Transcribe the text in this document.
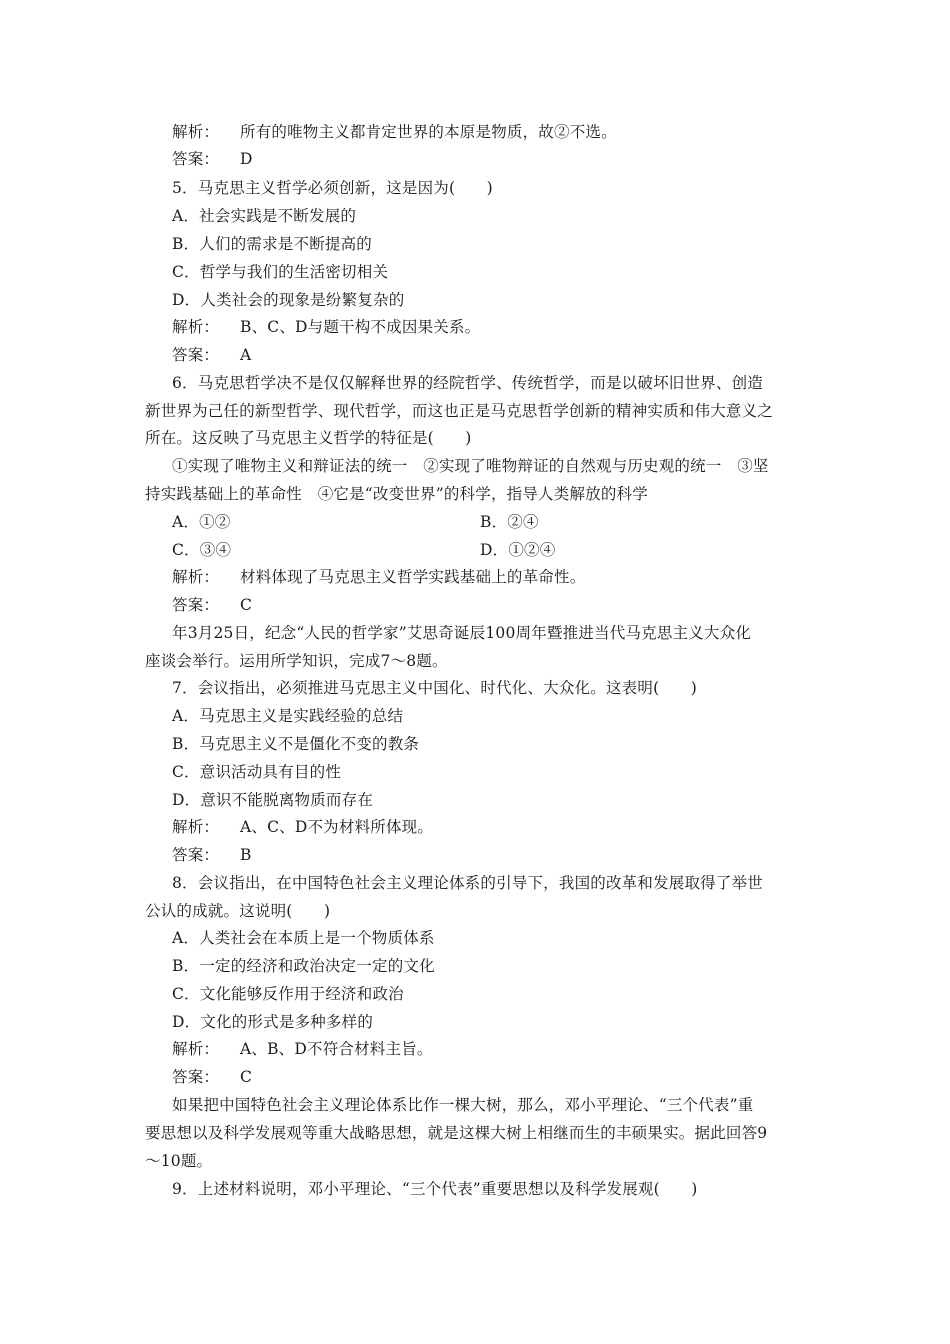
解析： 所有的唯物主义都肯定世界的本原是物质，故②不选。
答案： D
5．马克思主义哲学必须创新，这是因为(　　)
A．社会实践是不断发展的
B．人们的需求是不断提高的
C．哲学与我们的生活密切相关
D．人类社会的现象是纷繁复杂的
解析： B、C、D与题干构不成因果关系。
答案： A
6．马克思哲学决不是仅仅解释世界的经院哲学、传统哲学，而是以破坏旧世界、创造
新世界为己任的新型哲学、现代哲学，而这也正是马克思哲学创新的精神实质和伟大意义之
所在。这反映了马克思主义哲学的特征是(　　)
①实现了唯物主义和辩证法的统一　②实现了唯物辩证的自然观与历史观的统一　③坚
持实践基础上的革命性　④它是“改变世界”的科学，指导人类解放的科学
A．①②	B．②④
C．③④	D．①②④
解析： 材料体现了马克思主义哲学实践基础上的革命性。
答案： C
年3月25日，纪念“人民的哲学家”艾思奇诞辰100周年暨推进当代马克思主义大众化
座谈会举行。运用所学知识，完成7～8题。
7．会议指出，必须推进马克思主义中国化、时代化、大众化。这表明(　　)
A．马克思主义是实践经验的总结
B．马克思主义不是僵化不变的教条
C．意识活动具有目的性
D．意识不能脱离物质而存在
解析： A、C、D不为材料所体现。
答案： B
8．会议指出，在中国特色社会主义理论体系的引导下，我国的改革和发展取得了举世
公认的成就。这说明(　　)
A．人类社会在本质上是一个物质体系
B．一定的经济和政治决定一定的文化
C．文化能够反作用于经济和政治
D．文化的形式是多种多样的
解析： A、B、D不符合材料主旨。
答案： C
如果把中国特色社会主义理论体系比作一棵大树，那么，邓小平理论、“三个代表”重
要思想以及科学发展观等重大战略思想，就是这棵大树上相继而生的丰硕果实。据此回答9
～10题。
9．上述材料说明，邓小平理论、“三个代表”重要思想以及科学发展观(　　)
